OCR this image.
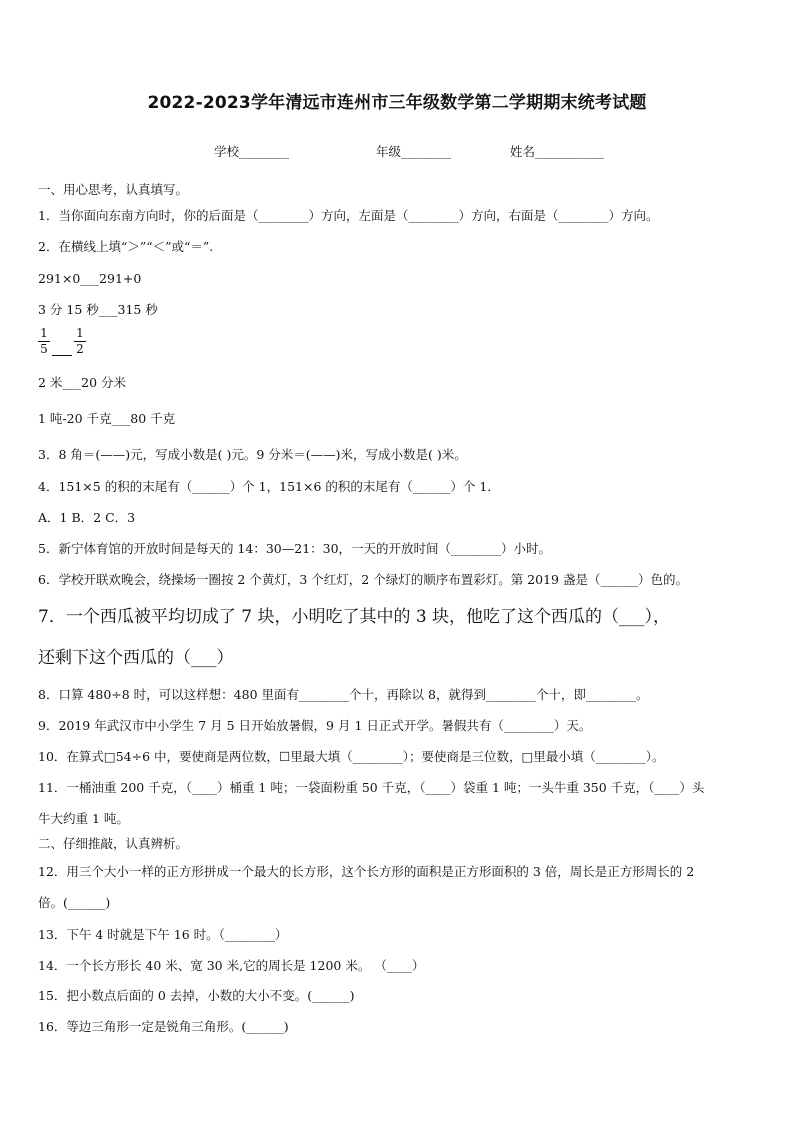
2022-2023学年清远市连州市三年级数学第二学期期末统考试题
学校________	年级________	姓名___________
一、用心思考，认真填写。
1．当你面向东南方向时，你的后面是（________）方向，左面是（________）方向，右面是（________）方向。
2．在横线上填“＞”“＜”或“＝”.
291×0___291+0
3 分 15 秒___315 秒
1
5
1
2
2 米___20 分米
1 吨-20 千克___80 千克
3．8 角＝(——)元，写成小数是( )元。9 分米＝(——)米，写成小数是( )米。
4．151×5 的积的末尾有（______）个 1，151×6 的积的末尾有（______）个 1．
A．1 B．2 C．3
5．新宁体育馆的开放时间是每天的 14：30—21：30，一天的开放时间（________）小时。
6．学校开联欢晚会，绕操场一圈按 2 个黄灯，3 个红灯，2 个绿灯的顺序布置彩灯。第 2019 盏是（______）色的。
7．一个西瓜被平均切成了 7 块，小明吃了其中的 3 块，他吃了这个西瓜的（___），
还剩下这个西瓜的（___）
8．口算 480÷8 时，可以这样想：480 里面有________个十，再除以 8，就得到________个十，即________。
9．2019 年武汉市中小学生 7 月 5 日开始放暑假，9 月 1 日正式开学。暑假共有（________）天。
10．在算式□54÷6 中，要使商是两位数，☐里最大填（________）；要使商是三位数，□里最小填（________）。
11．一桶油重 200 千克，（____）桶重 1 吨；一袋面粉重 50 千克，（____）袋重 1 吨；一头牛重 350 千克，（____）头
牛大约重 1 吨。
二、仔细推敲，认真辨析。
12．用三个大小一样的正方形拼成一个最大的长方形，这个长方形的面积是正方形面积的 3 倍，周长是正方形周长的 2
倍。(______)
13．下午 4 时就是下午 16 时。（________）
14．一个长方形长 40 米、宽 30 米,它的周长是 1200 米。 （____）
15．把小数点后面的 0 去掉，小数的大小不变。(______)
16．等边三角形一定是锐角三角形。(______)
